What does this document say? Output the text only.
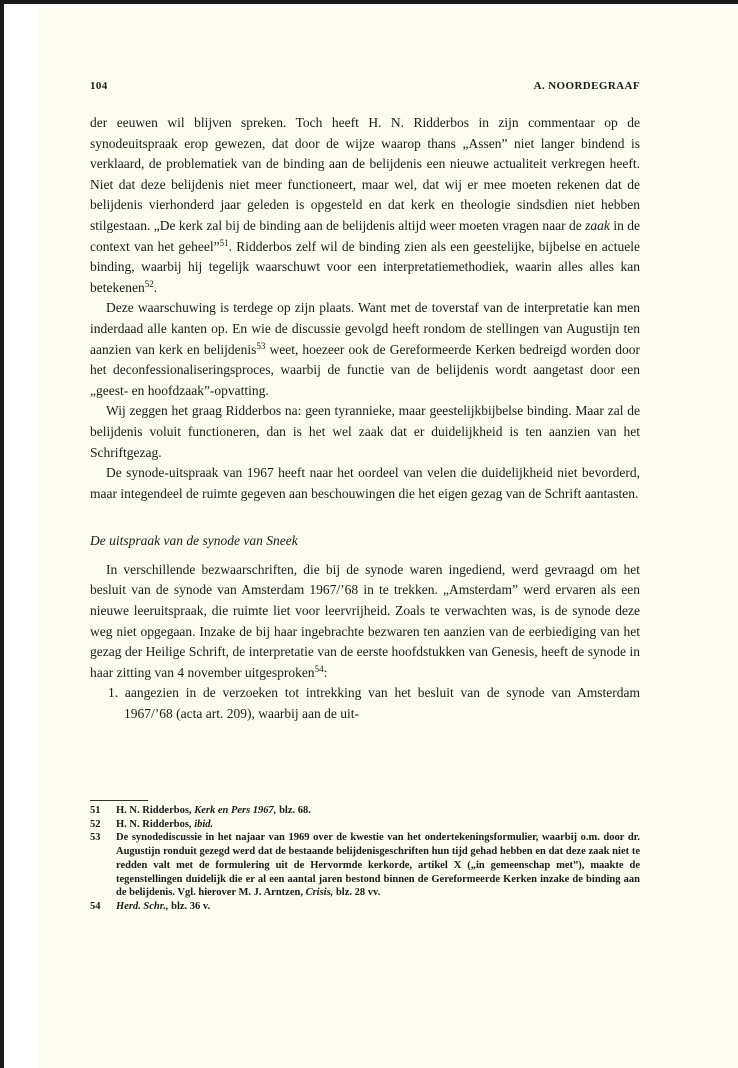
104	A. NOORDEGRAAF

der eeuwen wil blijven spreken. Toch heeft H. N. Ridderbos in zijn commentaar op de synodeuitspraak erop gewezen, dat door de wijze waarop thans „Assen” niet langer bindend is verklaard, de problematiek van de binding aan de belijdenis een nieuwe actualiteit verkregen heeft. Niet dat deze belijdenis niet meer functioneert, maar wel, dat wij er mee moeten rekenen dat de belijdenis vierhonderd jaar geleden is opgesteld en dat kerk en theologie sindsdien niet hebben stilgestaan. „De kerk zal bij de binding aan de belijdenis altijd weer moeten vragen naar de zaak in de context van het geheel”$^{51}$. Ridderbos zelf wil de binding zien als een geestelijke, bijbelse en actuele binding, waarbij hij tegelijk waarschuwt voor een interpretatiemethodiek, waarin alles alles kan betekenen$^{52}$.

Deze waarschuwing is terdege op zijn plaats. Want met de toverstaf van de interpretatie kan men inderdaad alle kanten op. En wie de discussie gevolgd heeft rondom de stellingen van Augustijn ten aanzien van kerk en belijdenis$^{53}$ weet, hoezeer ook de Gereformeerde Kerken bedreigd worden door het deconfessionaliseringsproces, waarbij de functie van de belijdenis wordt aangetast door een „geest- en hoofdzaak”-opvatting.

Wij zeggen het graag Ridderbos na: geen tyrannieke, maar geestelijkbijbelse binding. Maar zal de belijdenis voluit functioneren, dan is het wel zaak dat er duidelijkheid is ten aanzien van het Schriftgezag.

De synode-uitspraak van 1967 heeft naar het oordeel van velen die duidelijkheid niet bevorderd, maar integendeel de ruimte gegeven aan beschouwingen die het eigen gezag van de Schrift aantasten.

De uitspraak van de synode van Sneek

In verschillende bezwaarschriften, die bij de synode waren ingediend, werd gevraagd om het besluit van de synode van Amsterdam 1967/’68 in te trekken. „Amsterdam” werd ervaren als een nieuwe leeruitspraak, die ruimte liet voor leervrijheid. Zoals te verwachten was, is de synode deze weg niet opgegaan. Inzake de bij haar ingebrachte bezwaren ten aanzien van de eerbiediging van het gezag der Heilige Schrift, de interpretatie van de eerste hoofdstukken van Genesis, heeft de synode in haar zitting van 4 november uitgesproken$^{54}$:

1. aangezien in de verzoeken tot intrekking van het besluit van de synode van Amsterdam 1967/’68 (acta art. 209), waarbij aan de uit-

51 H. N. Ridderbos, Kerk en Pers 1967, blz. 68.
52 H. N. Ridderbos, ibid.
53 De synodediscussie in het najaar van 1969 over de kwestie van het ondertekeningsformulier, waarbij o.m. door dr. Augustijn ronduit gezegd werd dat de bestaande belijdenisgeschriften hun tijd gehad hebben en dat deze zaak niet te redden valt met de formulering uit de Hervormde kerkorde, artikel X („in gemeenschap met”), maakte de tegenstellingen duidelijk die er al een aantal jaren bestond binnen de Gereformeerde Kerken inzake de binding aan de belijdenis. Vgl. hierover M. J. Arntzen, Crisis, blz. 28 vv.
54 Herd. Schr., blz. 36 v.
